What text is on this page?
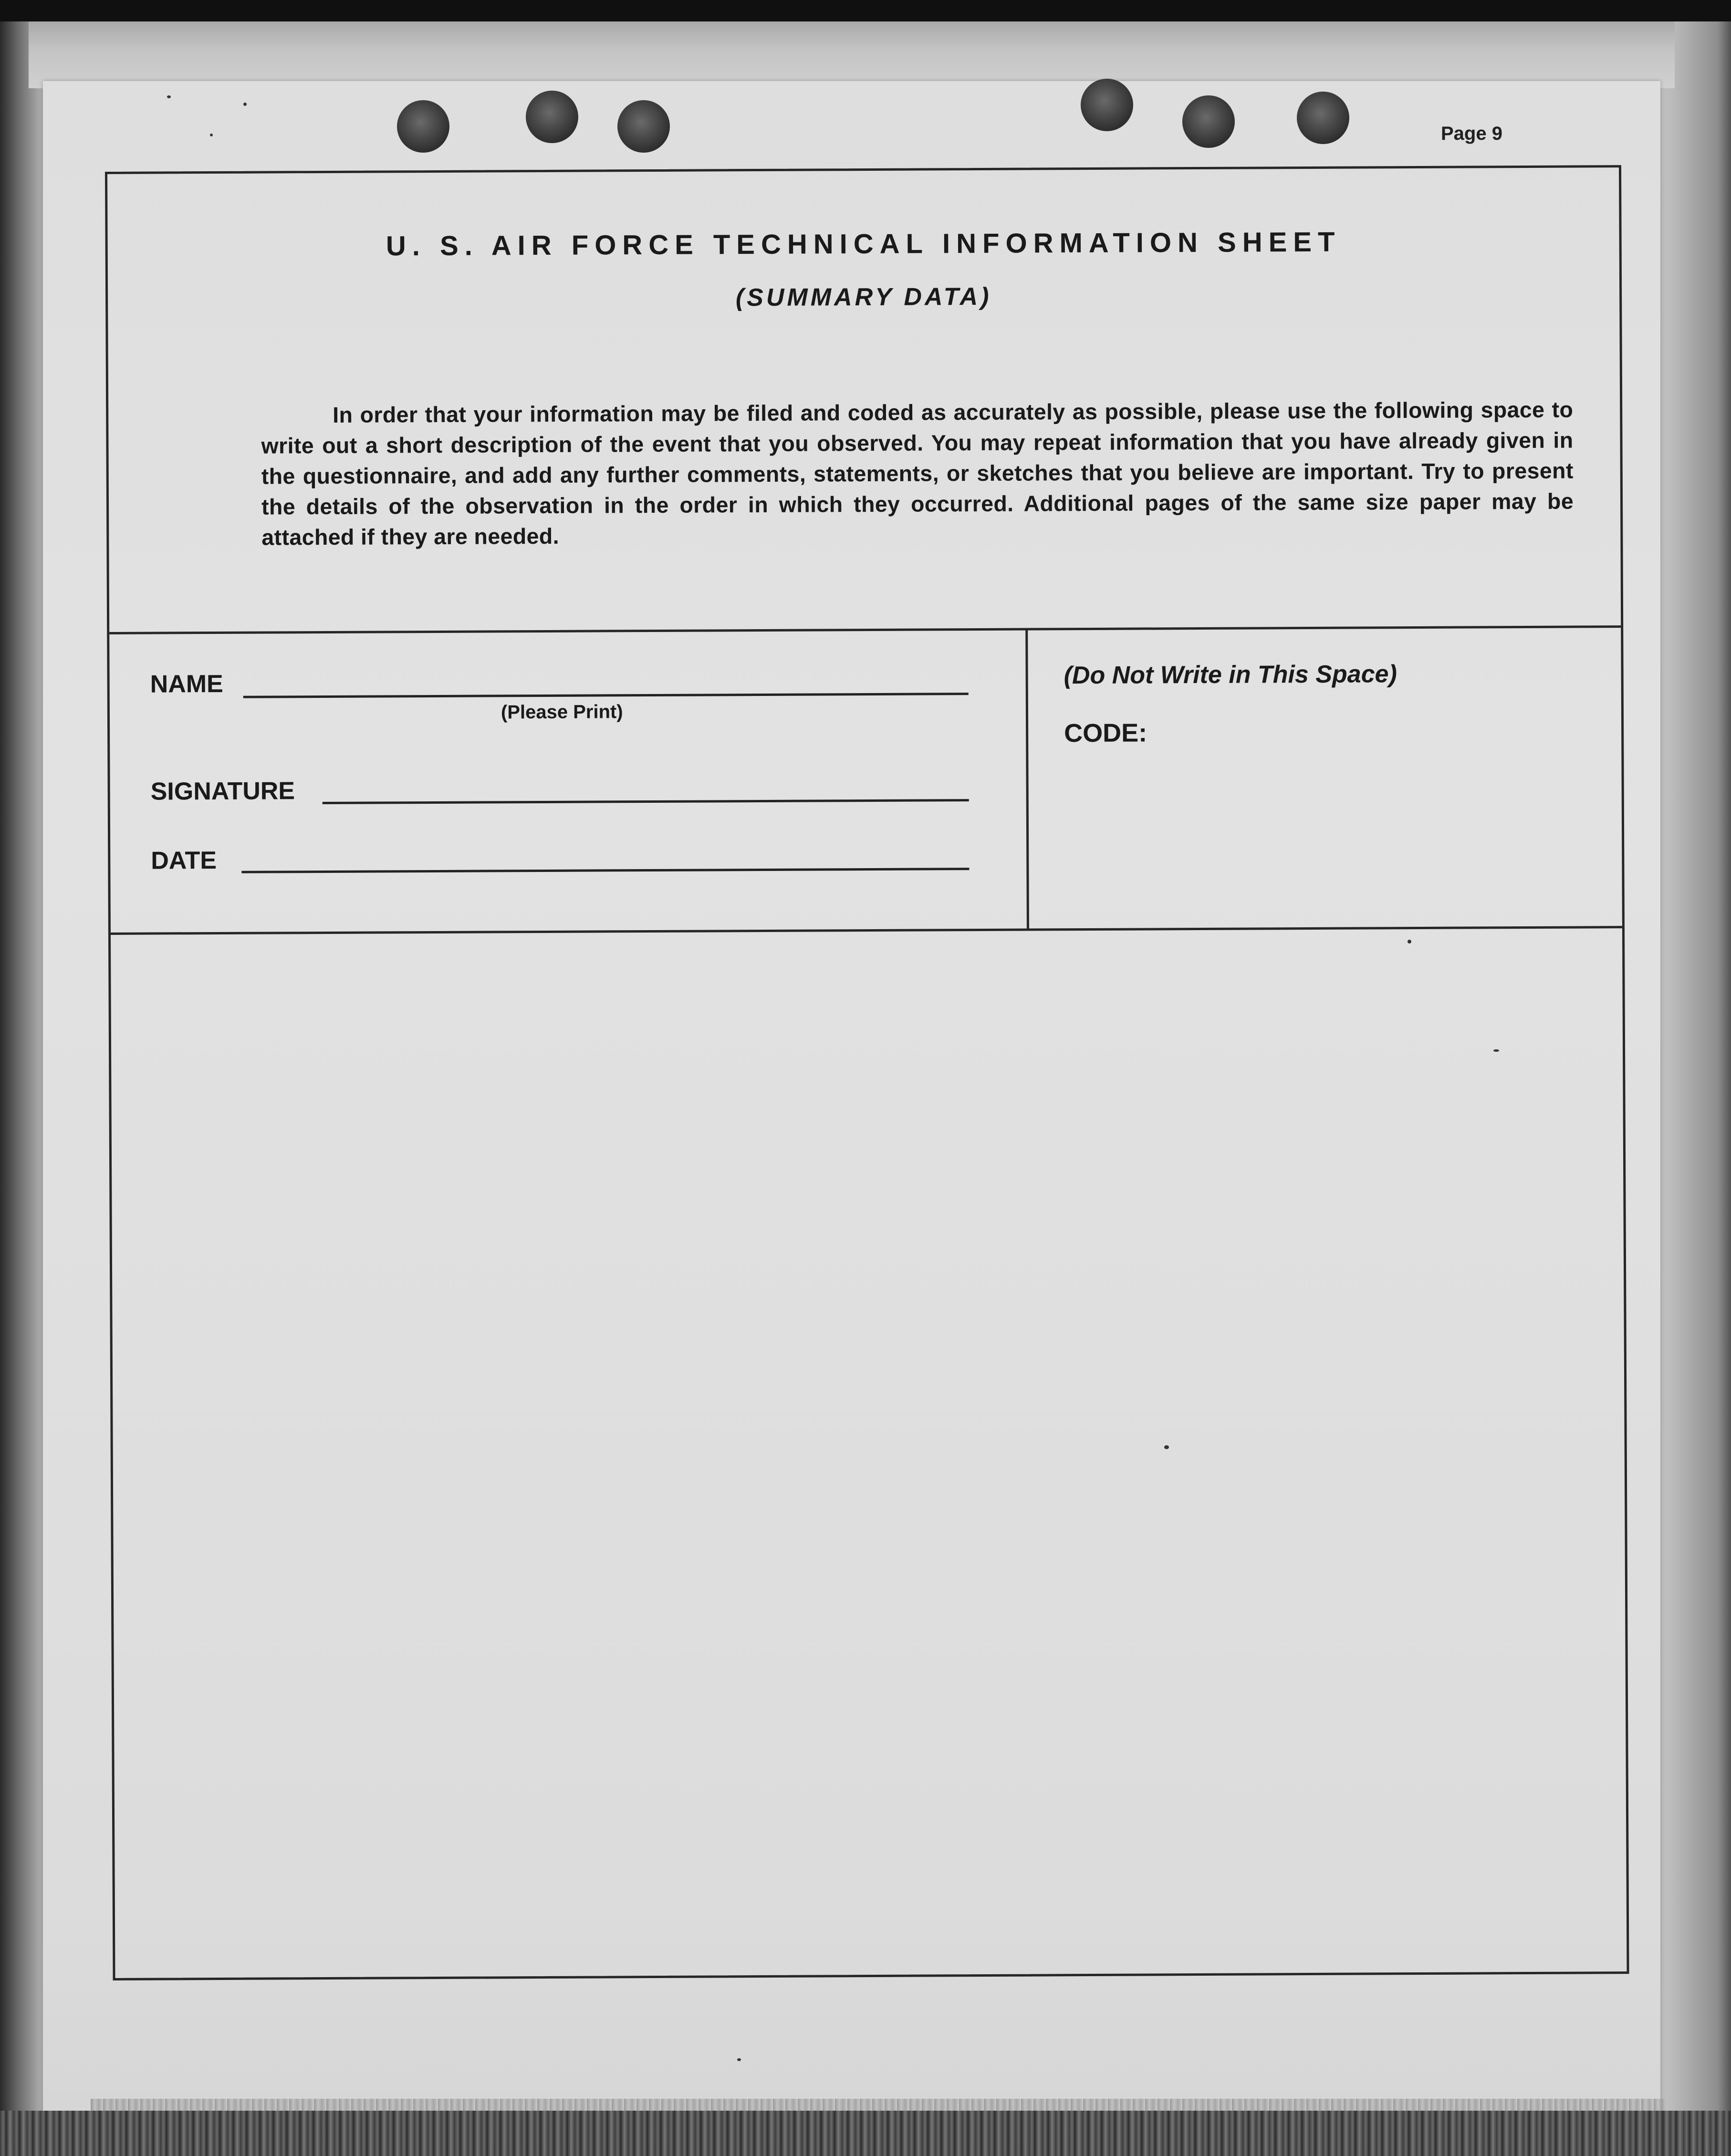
Page 9
U. S. AIR FORCE TECHNICAL INFORMATION SHEET
(SUMMARY DATA)
In order that your information may be filed and coded as accurately as possible, please use the following space to write out a short description of the event that you observed. You may repeat information that you have already given in the questionnaire, and add any further comments, statements, or sketches that you believe are important. Try to present the details of the observation in the order in which they occurred. Additional pages of the same size paper may be attached if they are needed.
NAME
(Please Print)
SIGNATURE
DATE
(Do Not Write in This Space)
CODE:
